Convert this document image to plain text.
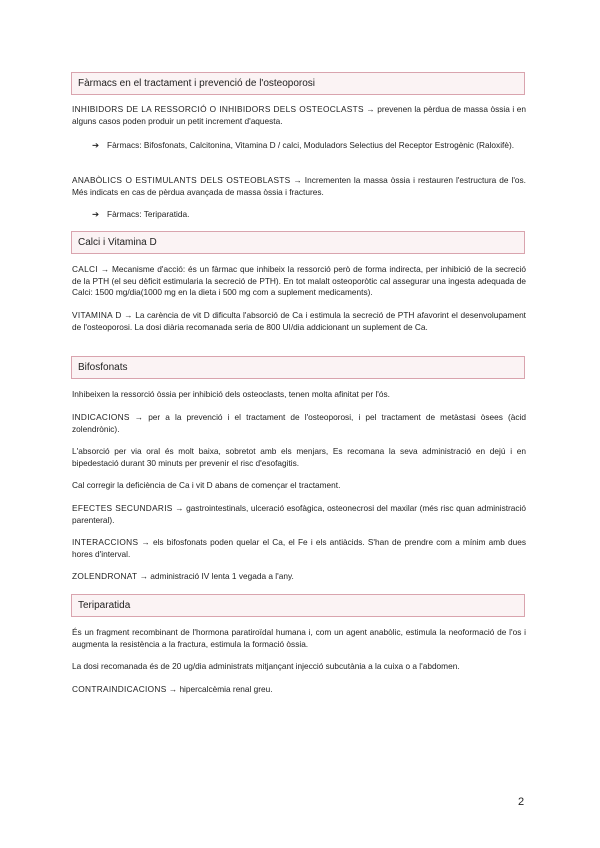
Fàrmacs en el tractament i prevenció de l'osteoporosi
INHIBIDORS DE LA RESSORCIÓ O INHIBIDORS DELS OSTEOCLASTS → prevenen la pèrdua de massa òssia i en alguns casos poden produir un petit increment d'aquesta.
➔ Fàrmacs: Bifosfonats, Calcitonina, Vitamina D / calci, Moduladors Selectius del Receptor Estrogènic (Raloxifè).
ANABÒLICS O ESTIMULANTS DELS OSTEOBLASTS → Incrementen la massa òssia i restauren l'estructura de l'os. Més indicats en cas de pèrdua avançada de massa òssia i fractures.
➔ Fàrmacs: Teriparatida.
Calci i Vitamina D
CALCI → Mecanisme d'acció: és un fàrmac que inhibeix la ressorció però de forma indirecta, per inhibició de la secreció de la PTH (el seu dèficit estimularia la secreció de PTH). En tot malalt osteoporòtic cal assegurar una ingesta adequada de Calci: 1500 mg/dia(1000 mg en la dieta i 500 mg com a suplement medicaments).
VITAMINA D → La carència de vit D dificulta l'absorció de Ca i estimula la secreció de PTH afavorint el desenvolupament de l'osteoporosi. La dosi diària recomanada seria de 800 UI/dia addicionant un suplement de Ca.
Bifosfonats
Inhibeixen la ressorció òssia per inhibició dels osteoclasts, tenen molta afinitat per l'ós.
INDICACIONS → per a la prevenció i el tractament de l'osteoporosi, i pel tractament de metàstasi òsees (àcid zolendrònic).
L'absorció per via oral és molt baixa, sobretot amb els menjars, Es recomana la seva administració en dejú i en bipedestació durant 30 minuts per prevenir el risc d'esofagitis.
Cal corregir la deficiència de Ca i vit D abans de començar el tractament.
EFECTES SECUNDARIS → gastrointestinals, ulceració esofàgica, osteonecrosi del maxilar (més risc quan administració parenteral).
INTERACCIONS → els bifosfonats poden quelar el Ca, el Fe i els antiàcids. S'han de prendre com a mínim amb dues hores d'interval.
ZOLENDRONAT → administració IV lenta 1 vegada a l'any.
Teriparatida
És un fragment recombinant de l'hormona paratiroïdal humana i, com un agent anabòlic, estimula la neoformació de l'os i augmenta la resistència a la fractura, estimula la formació òssia.
La dosi recomanada és de 20 ug/dia administrats mitjançant injecció subcutània a la cuixa o a l'abdomen.
CONTRAINDICACIONS → hipercalcèmia renal greu.
2
